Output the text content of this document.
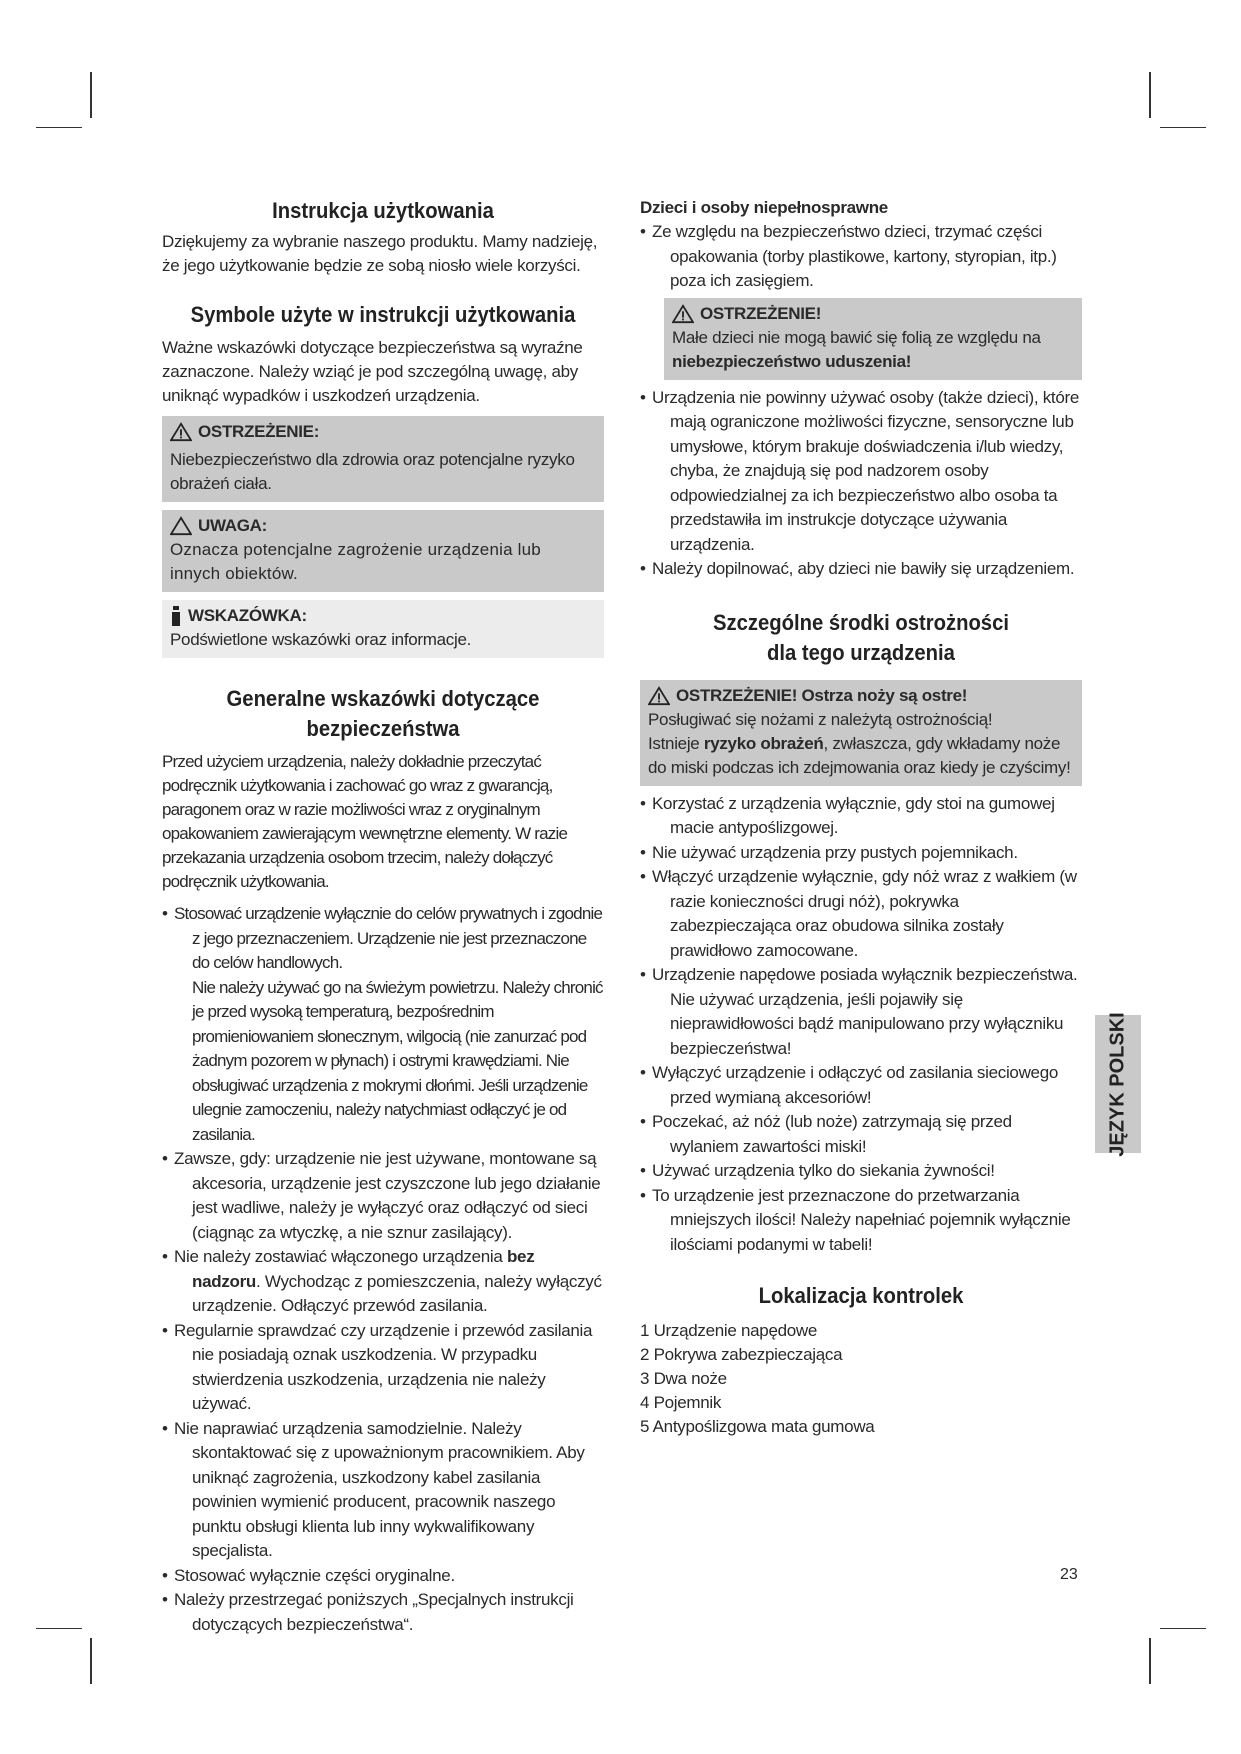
Instrukcja użytkowania

Dziękujemy za wybranie naszego produktu. Mamy nadzieję, że jego użytkowanie będzie ze sobą niosło wiele korzyści.

Symbole użyte w instrukcji użytkowania

Ważne wskazówki dotyczące bezpieczeństwa są wyraźne zaznaczone. Należy wziąć je pod szczególną uwagę, aby uniknąć wypadków i uszkodzeń urządzenia.

OSTRZEŻENIE:
Niebezpieczeństwo dla zdrowia oraz potencjalne ryzyko obrażeń ciała.
UWAGA:
Oznacza potencjalne zagrożenie urządzenia lub innych obiektów.
WSKAZÓWKA:
Podświetlone wskazówki oraz informacje.
Generalne wskazówki dotyczące
bezpieczeństwa

Przed użyciem urządzenia, należy dokładnie przeczytać podręcznik użytkowania i zachować go wraz z gwarancją, paragonem oraz w razie możliwości wraz z oryginalnym opakowaniem zawierającym wewnętrzne elementy. W razie przekazania urządzenia osobom trzecim, należy dołączyć podręcznik użytkowania.

• Stosować urządzenie wyłącznie do celów prywatnych i zgodnie z jego przeznaczeniem. Urządzenie nie jest przeznaczone do celów handlowych.
Nie należy używać go na świeżym powietrzu. Należy chronić je przed wysoką temperaturą, bezpośrednim promieniowaniem słonecznym, wilgocią (nie zanurzać pod żadnym pozorem w płynach) i ostrymi krawędziami. Nie obsługiwać urządzenia z mokrymi dłońmi. Jeśli urządzenie ulegnie zamoczeniu, należy natychmiast odłączyć je od zasilania.
• Zawsze, gdy: urządzenie nie jest używane, montowane są akcesoria, urządzenie jest czyszczone lub jego działanie jest wadliwe, należy je wyłączyć oraz odłączyć od sieci (ciągnąc za wtyczkę, a nie sznur zasilający).
• Nie należy zostawiać włączonego urządzenia bez nadzoru. Wychodząc z pomieszczenia, należy wyłączyć urządzenie. Odłączyć przewód zasilania.
• Regularnie sprawdzać czy urządzenie i przewód zasilania nie posiadają oznak uszkodzenia. W przypadku stwierdzenia uszkodzenia, urządzenia nie należy używać.
• Nie naprawiać urządzenia samodzielnie. Należy skontaktować się z upoważnionym pracownikiem. Aby uniknąć zagrożenia, uszkodzony kabel zasilania powinien wymienić producent, pracownik naszego punktu obsługi klienta lub inny wykwalifikowany specjalista.
• Stosować wyłącznie części oryginalne.
• Należy przestrzegać poniższych „Specjalnych instrukcji dotyczących bezpieczeństwa“.

Dzieci i osoby niepełnosprawne

• Ze względu na bezpieczeństwo dzieci, trzymać części opakowania (torby plastikowe, kartony, styropian, itp.) poza ich zasięgiem.
OSTRZEŻENIE!
Małe dzieci nie mogą bawić się folią ze względu na
niebezpieczeństwo uduszenia!
• Urządzenia nie powinny używać osoby (także dzieci), które mają ograniczone możliwości fizyczne, sensoryczne lub umysłowe, którym brakuje doświadczenia i/lub wiedzy, chyba, że znajdują się pod nadzorem osoby odpowiedzialnej za ich bezpieczeństwo albo osoba ta przedstawiła im instrukcje dotyczące używania urządzenia.
• Należy dopilnować, aby dzieci nie bawiły się urządzeniem.
Szczególne środki ostrożności
dla tego urządzenia
OSTRZEŻENIE! Ostrza noży są ostre!
Posługiwać się nożami z należytą ostrożnością!
Istnieje ryzyko obrażeń, zwłaszcza, gdy wkładamy noże do miski podczas ich zdejmowania oraz kiedy je czyścimy!
• Korzystać z urządzenia wyłącznie, gdy stoi na gumowej macie antypoślizgowej.
• Nie używać urządzenia przy pustych pojemnikach.
• Włączyć urządzenie wyłącznie, gdy nóż wraz z wałkiem (w razie konieczności drugi nóż), pokrywka zabezpieczająca oraz obudowa silnika zostały prawidłowo zamocowane.
• Urządzenie napędowe posiada wyłącznik bezpieczeństwa. Nie używać urządzenia, jeśli pojawiły się nieprawidłowości bądź manipulowano przy wyłączniku bezpieczeństwa!
• Wyłączyć urządzenie i odłączyć od zasilania sieciowego przed wymianą akcesoriów!
• Poczekać, aż nóż (lub noże) zatrzymają się przed wylaniem zawartości miski!
• Używać urządzenia tylko do siekania żywności!
• To urządzenie jest przeznaczone do przetwarzania mniejszych ilości! Należy napełniać pojemnik wyłącznie ilościami podanymi w tabeli!
Lokalizacja kontrolek
1 Urządzenie napędowe
2 Pokrywa zabezpieczająca
3 Dwa noże
4 Pojemnik
5 Antypoślizgowa mata gumowa
JĘZYK POLSKI
23
